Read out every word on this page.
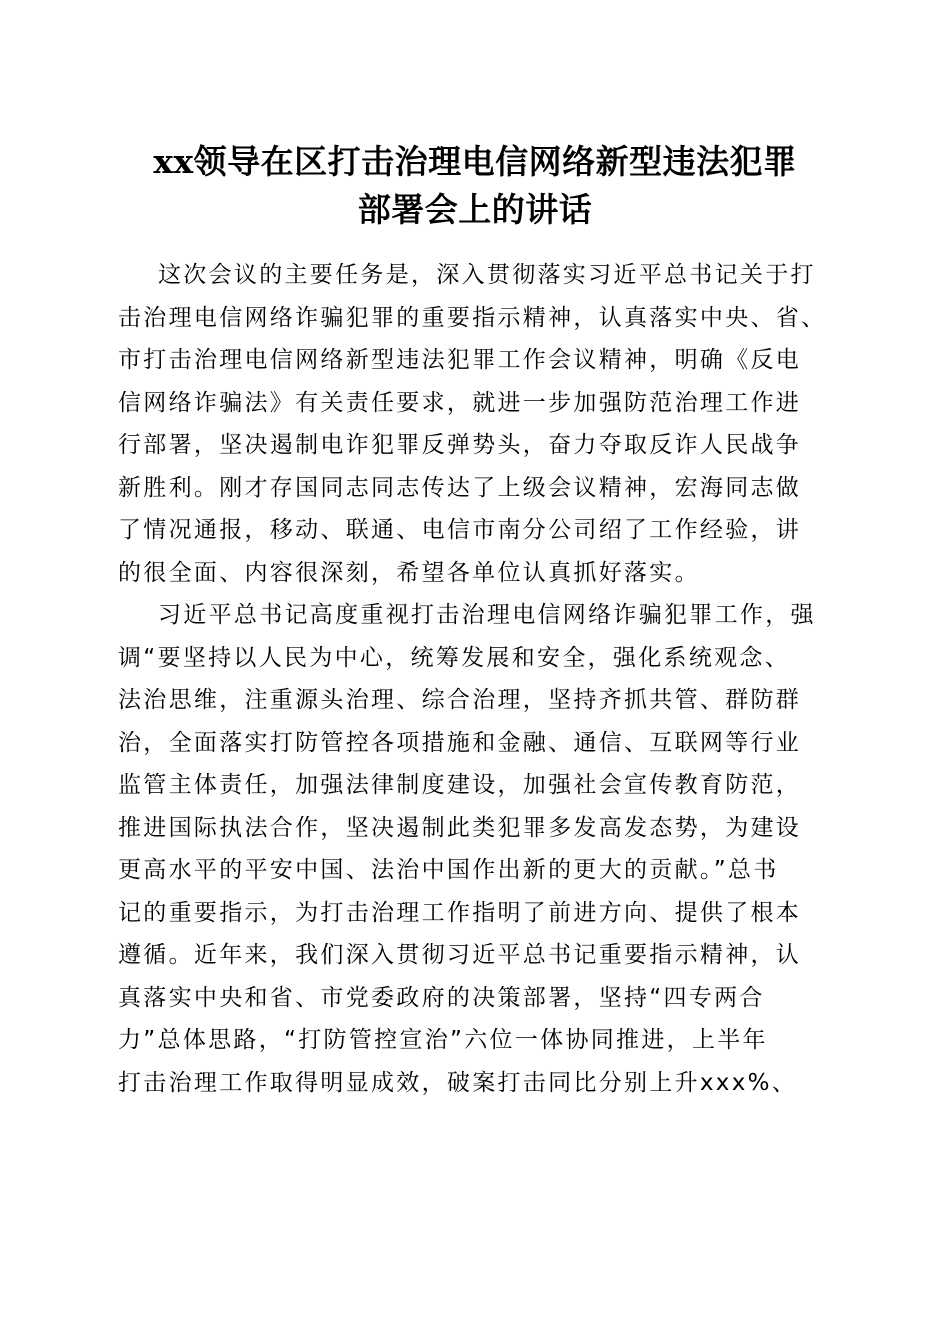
xx领导在区打击治理电信网络新型违法犯罪
部署会上的讲话
这次会议的主要任务是，深入贯彻落实习近平总书记关于打
击治理电信网络诈骗犯罪的重要指示精神，认真落实中央、省、
市打击治理电信网络新型违法犯罪工作会议精神，明确《反电
信网络诈骗法》有关责任要求，就进一步加强防范治理工作进
行部署，坚决遏制电诈犯罪反弹势头，奋力夺取反诈人民战争
新胜利。刚才存国同志同志传达了上级会议精神，宏海同志做
了情况通报，移动、联通、电信市南分公司绍了工作经验，讲
的很全面、内容很深刻，希望各单位认真抓好落实。
习近平总书记高度重视打击治理电信网络诈骗犯罪工作，强
调“要坚持以人民为中心，统筹发展和安全，强化系统观念、
法治思维，注重源头治理、综合治理，坚持齐抓共管、群防群
治，全面落实打防管控各项措施和金融、通信、互联网等行业
监管主体责任，加强法律制度建设，加强社会宣传教育防范，
推进国际执法合作，坚决遏制此类犯罪多发高发态势，为建设
更高水平的平安中国、法治中国作出新的更大的贡献。”总书
记的重要指示，为打击治理工作指明了前进方向、提供了根本
遵循。近年来，我们深入贯彻习近平总书记重要指示精神，认
真落实中央和省、市党委政府的决策部署，坚持“四专两合
力”总体思路，“打防管控宣治”六位一体协同推进，上半年
打击治理工作取得明显成效，破案打击同比分别上升xxx%、
